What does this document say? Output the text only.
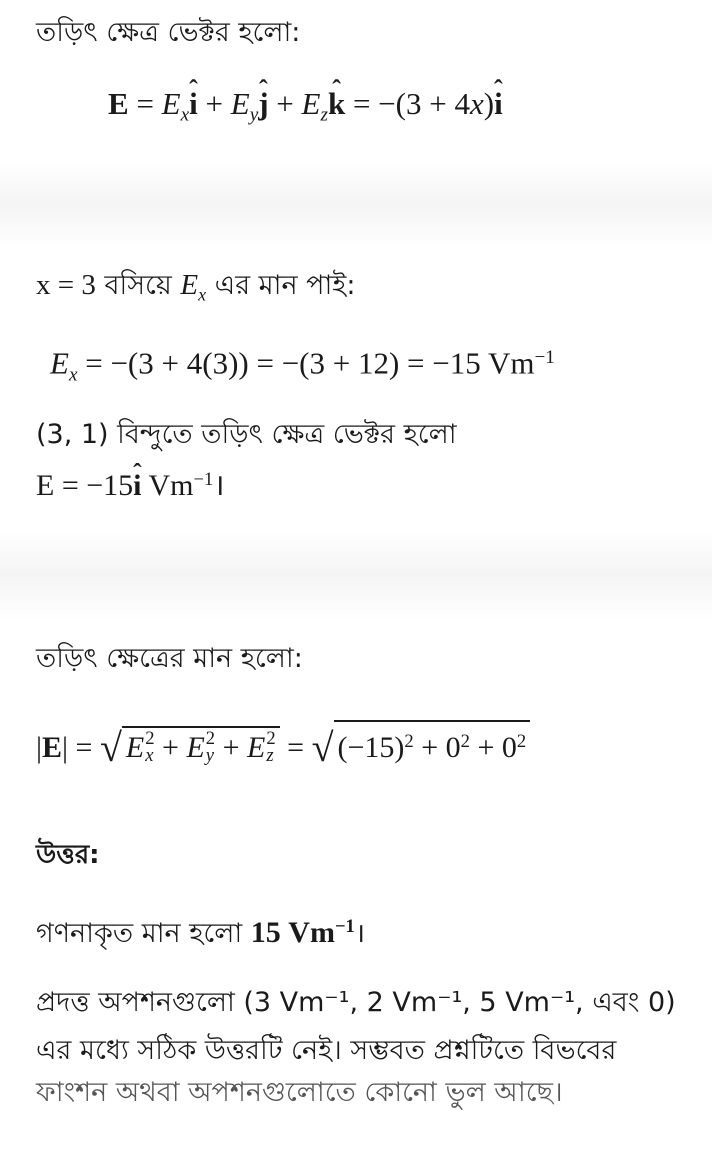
তড়িৎ ক্ষেত্র ভেক্টর হলো:
$E = E_xˆ$ $i + E_yˆ$ $j + E_zˆ$ k = −(3 + 4x)ˆ i
x = 3 বসিয়ে $E_x$ এর মান পাই:
$E_x = -(3 + 4(3)) = -(3 + 12) = -15$ $Vm^{-1}$
(3, 1) বিন্দুতে তড়িৎ ক্ষেত্র ভেক্টর হলো
E = −15ˆ i $Vm^{-1}।$
তড়িৎ ক্ষেত্রের মান হলো:
|E| = √ E 2
x + E 2
y + E 2
z = √ $(-15)^2 + 0^2 + 0^2$
উত্তর:
গণনাকৃত মান হলো 15 $Vm^{-1}।$
প্রদত্ত অপশনগুলো (3 Vm⁻¹, 2 Vm⁻¹, 5 Vm⁻¹, এবং 0)
এর মধ্যে সঠিক উত্তরটি নেই। সম্ভবত প্রশ্নটিতে বিভবের
ফাংশন অথবা অপশনগুলোতে কোনো ভুল আছে।
